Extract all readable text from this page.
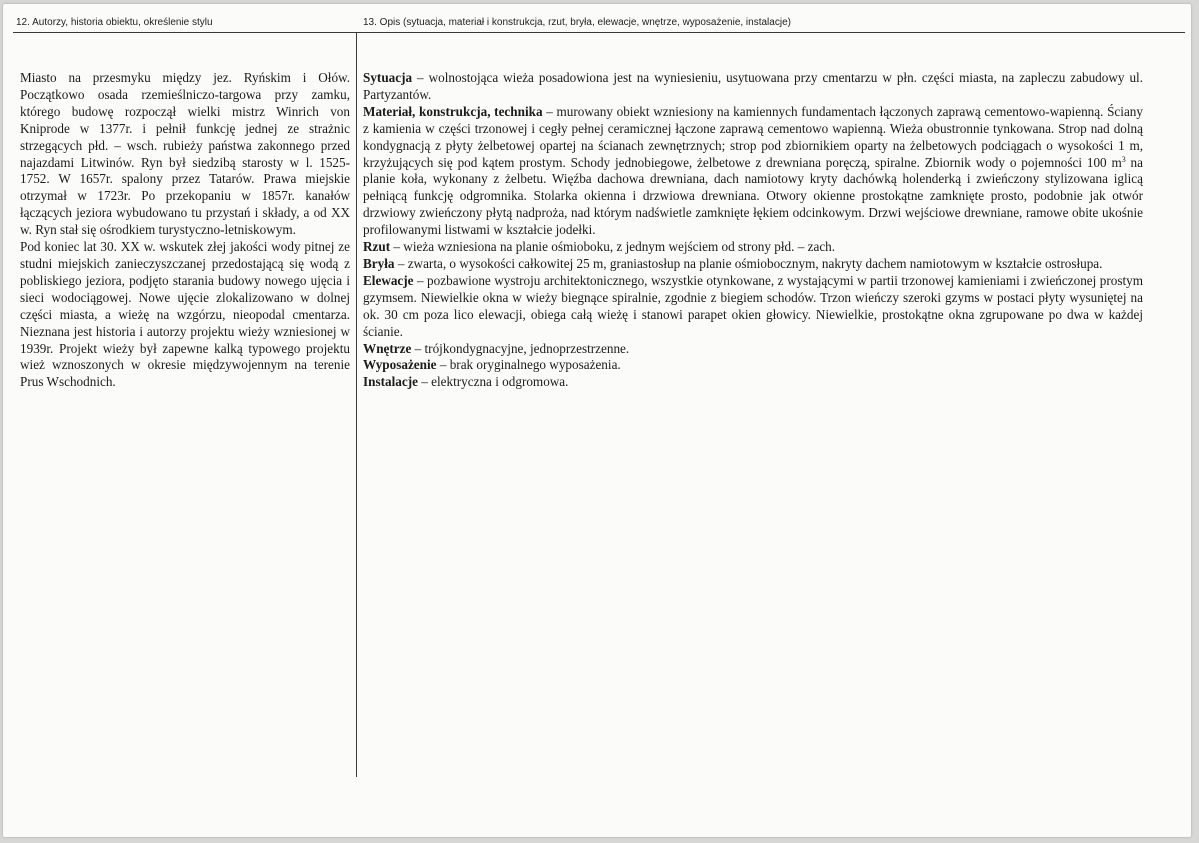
12. Autorzy, historia obiektu, określenie stylu	13. Opis (sytuacja, materiał i konstrukcja, rzut, bryła, elewacje, wnętrze, wyposażenie, instalacje)

Miasto na przesmyku między jez. Ryńskim i Ołów. Początkowo osada rzemieślniczo-targowa przy zamku, którego budowę rozpoczął wielki mistrz Winrich von Kniprode w 1377r. i pełnił funkcję jednej ze strażnic strzegących płd. – wsch. rubieży państwa zakonnego przed najazdami Litwinów. Ryn był siedzibą starosty w l. 1525-1752. W 1657r. spalony przez Tatarów. Prawa miejskie otrzymał w 1723r. Po przekopaniu w 1857r. kanałów łączących jeziora wybudowano tu przystań i składy, a od XX w. Ryn stał się ośrodkiem turystyczno-letniskowym.

Pod koniec lat 30. XX w. wskutek złej jakości wody pitnej ze studni miejskich zanieczyszczanej przedostającą się wodą z pobliskiego jeziora, podjęto starania budowy nowego ujęcia i sieci wodociągowej. Nowe ujęcie zlokalizowano w dolnej części miasta, a wieżę na wzgórzu, nieopodal cmentarza. Nieznana jest historia i autorzy projektu wieży wzniesionej w 1939r. Projekt wieży był zapewne kalką typowego projektu wież wznoszonych w okresie międzywojennym na terenie Prus Wschodnich.

Sytuacja – wolnostojąca wieża posadowiona jest na wyniesieniu, usytuowana przy cmentarzu w płn. części miasta, na zapleczu zabudowy ul. Partyzantów.

Materiał, konstrukcja, technika – murowany obiekt wzniesiony na kamiennych fundamentach łączonych zaprawą cementowo-wapienną. Ściany z kamienia w części trzonowej i cegły pełnej ceramicznej łączone zaprawą cementowo wapienną. Wieża obustronnie tynkowana. Strop nad dolną kondygnacją z płyty żelbetowej opartej na ścianach zewnętrznych; strop pod zbiornikiem oparty na żelbetowych podciągach o wysokości 1 m, krzyżujących się pod kątem prostym. Schody jednobiegowe, żelbetowe z drewniana poręczą, spiralne. Zbiornik wody o pojemności 100 $m^3$ na planie koła, wykonany z żelbetu. Więźba dachowa drewniana, dach namiotowy kryty dachówką holenderką i zwieńczony stylizowana iglicą pełniącą funkcję odgromnika. Stolarka okienna i drzwiowa drewniana. Otwory okienne prostokątne zamknięte prosto, podobnie jak otwór drzwiowy zwieńczony płytą nadproża, nad którym nadświetle zamknięte łękiem odcinkowym. Drzwi wejściowe drewniane, ramowe obite ukośnie profilowanymi listwami w kształcie jodełki.

Rzut – wieża wzniesiona na planie ośmioboku, z jednym wejściem od strony płd. – zach.

Bryła – zwarta, o wysokości całkowitej 25 m, graniastosłup na planie ośmiobocznym, nakryty dachem namiotowym w kształcie ostrosłupa.

Elewacje – pozbawione wystroju architektonicznego, wszystkie otynkowane, z wystającymi w partii trzonowej kamieniami i zwieńczonej prostym gzymsem. Niewielkie okna w wieży biegnące spiralnie, zgodnie z biegiem schodów. Trzon wieńczy szeroki gzyms w postaci płyty wysuniętej na ok. 30 cm poza lico elewacji, obiega całą wieżę i stanowi parapet okien głowicy. Niewielkie, prostokątne okna zgrupowane po dwa w każdej ścianie.

Wnętrze – trójkondygnacyjne, jednoprzestrzenne.

Wyposażenie – brak oryginalnego wyposażenia.

Instalacje – elektryczna i odgromowa.
